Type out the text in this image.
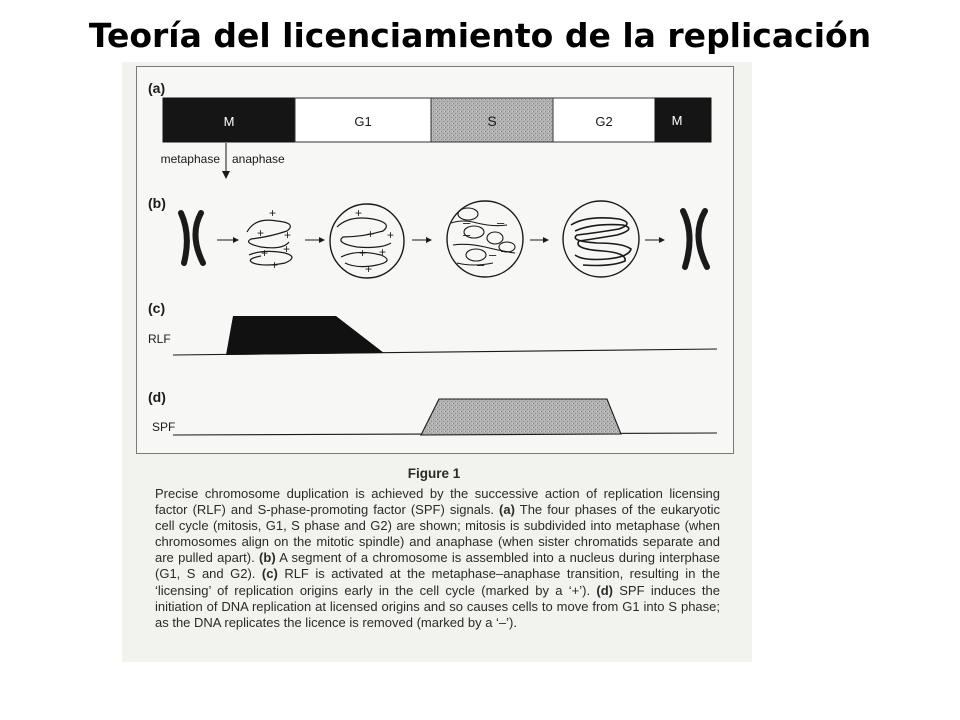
Teoría del licenciamiento de la replicación
(a)
M	G1	S	G2	M
metaphase anaphase
(b)
+
+ +
+ +
+
+
+ +
+ +
+
–
–
–
–
–
–
(c)
RLF
(d)
SPF
Figure 1

Precise chromosome duplication is achieved by the successive action of replication licensing factor (RLF) and S-phase-promoting factor (SPF) signals. (a) The four phases of the eukaryotic cell cycle (mitosis, G1, S phase and G2) are shown; mitosis is subdivided into metaphase (when chromosomes align on the mitotic spindle) and anaphase (when sister chromatids separate and are pulled apart). (b) A segment of a chromosome is assembled into a nucleus during interphase (G1, S and G2). (c) RLF is activated at the metaphase–anaphase transition, resulting in the ‘licensing’ of replication origins early in the cell cycle (marked by a ‘+’). (d) SPF induces the initiation of DNA replication at licensed origins and so causes cells to move from G1 into S phase; as the DNA replicates the licence is removed (marked by a ‘–’).
